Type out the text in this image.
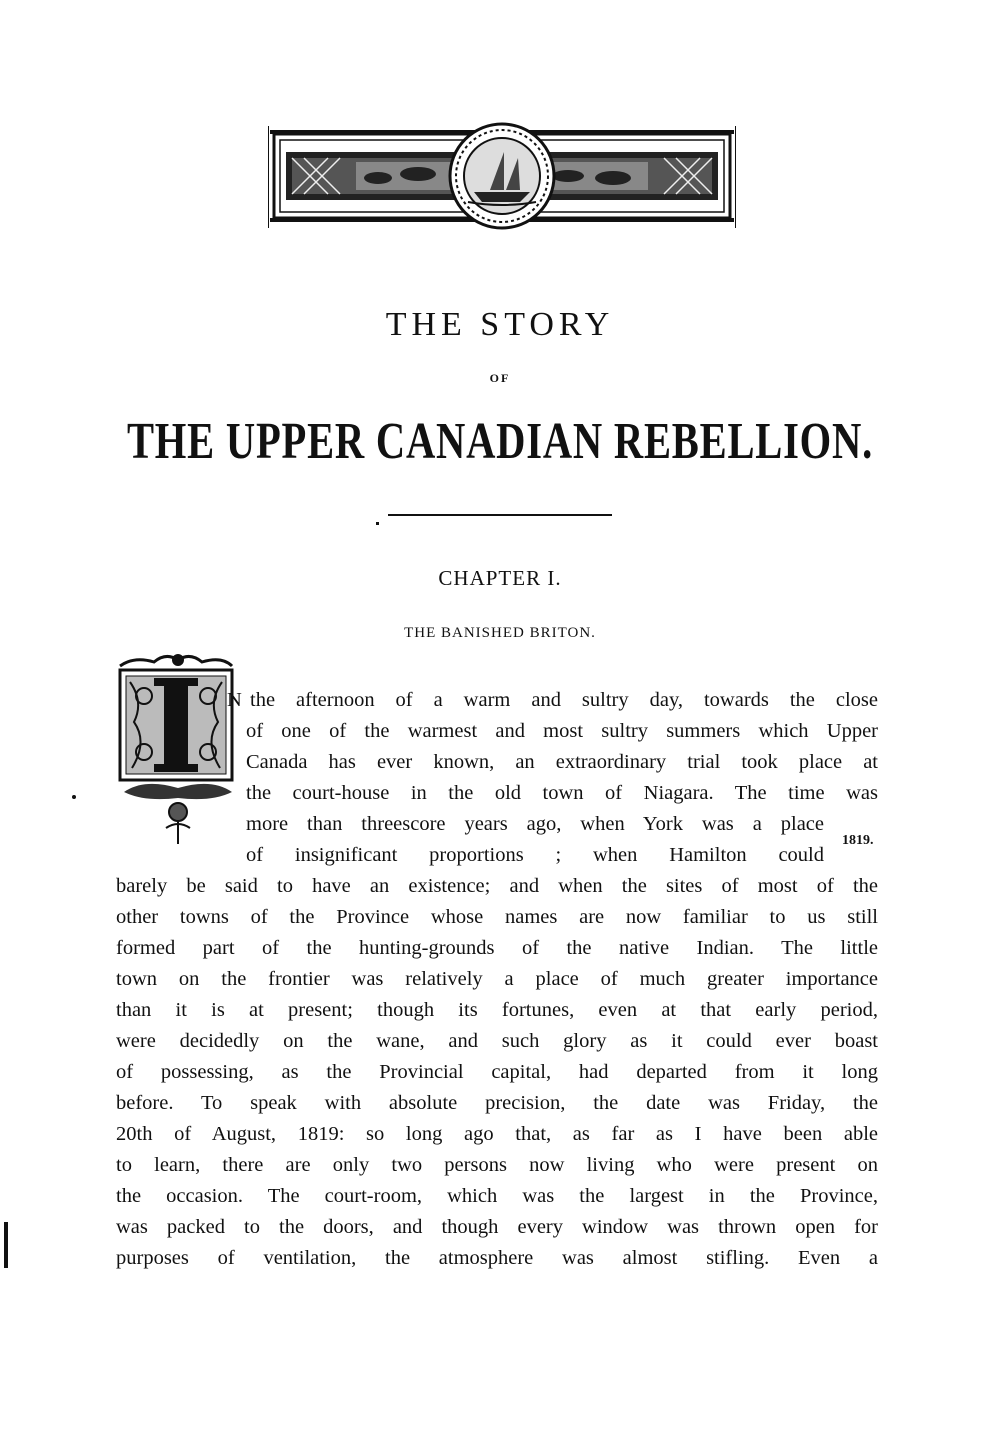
THE STORY
OF
THE UPPER CANADIAN REBELLION.
CHAPTER I.
THE BANISHED BRITON.
N the afternoon of a warm and sultry day, towards the close
of one of the warmest and most sultry summers which Upper
Canada has ever known, an extraordinary trial took place at
the court-house in the old town of Niagara. The time was
more than threescore years ago, when York was a place
of insignificant proportions ; when Hamilton could
barely be said to have an existence; and when the sites of most of the
other towns of the Province whose names are now familiar to us still
formed part of the hunting-grounds of the native Indian. The little
town on the frontier was relatively a place of much greater importance
than it is at present; though its fortunes, even at that early period,
were decidedly on the wane, and such glory as it could ever boast
of possessing, as the Provincial capital, had departed from it long
before. To speak with absolute precision, the date was Friday, the
20th of August, 1819: so long ago that, as far as I have been able
to learn, there are only two persons now living who were present on
the occasion. The court-room, which was the largest in the Province,
was packed to the doors, and though every window was thrown open for
purposes of ventilation, the atmosphere was almost stifling. Even a
1819.
